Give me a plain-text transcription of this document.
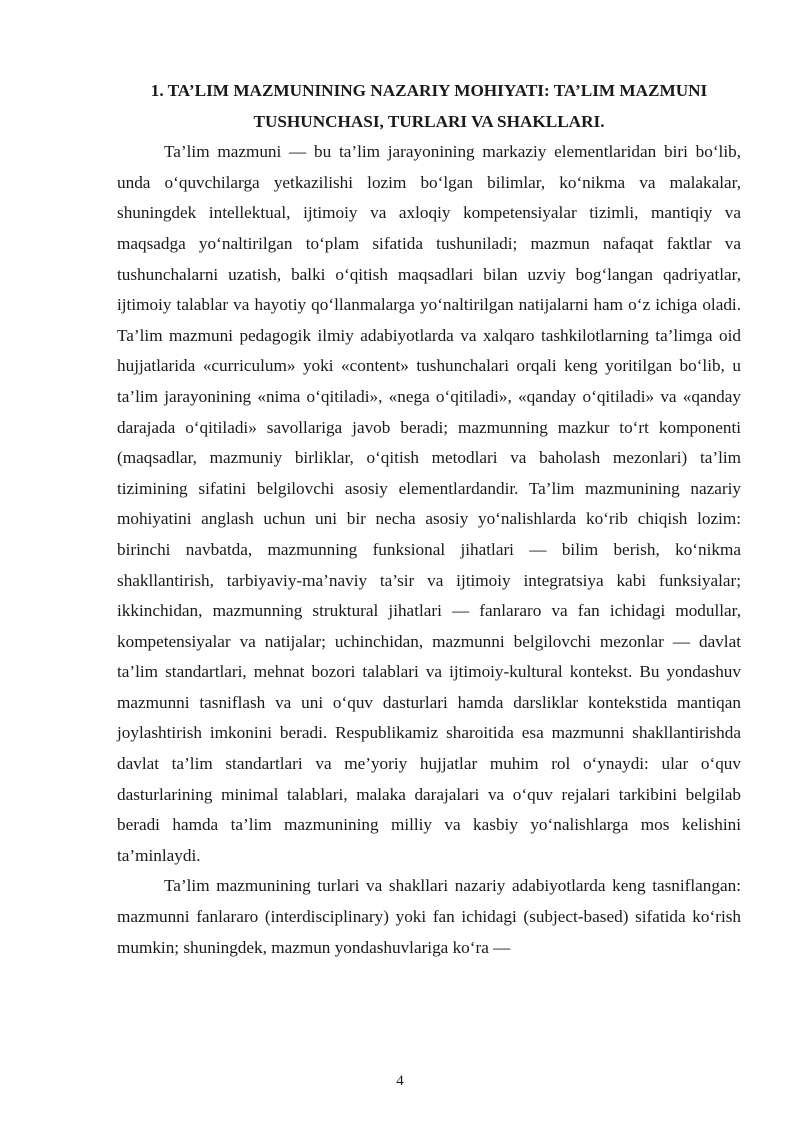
1. TA’LIM MAZMUNINING NAZARIY MOHIYATI: TA’LIM MAZMUNI TUSHUNCHASI, TURLARI VA SHAKLLARI.

Ta’lim mazmuni — bu ta’lim jarayonining markaziy elementlaridan biri bo‘lib, unda o‘quvchilarga yetkazilishi lozim bo‘lgan bilimlar, ko‘nikma va malakalar, shuningdek intellektual, ijtimoiy va axloqiy kompetensiyalar tizimli, mantiqiy va maqsadga yo‘naltirilgan to‘plam sifatida tushuniladi; mazmun nafaqat faktlar va tushunchalarni uzatish, balki o‘qitish maqsadlari bilan uzviy bog‘langan qadriyatlar, ijtimoiy talablar va hayotiy qo‘llanmalarga yo‘naltirilgan natijalarni ham o‘z ichiga oladi. Ta’lim mazmuni pedagogik ilmiy adabiyotlarda va xalqaro tashkilotlarning ta’limga oid hujjatlarida «curriculum» yoki «content» tushunchalari orqali keng yoritilgan bo‘lib, u ta’lim jarayonining «nima o‘qitiladi», «nega o‘qitiladi», «qanday o‘qitiladi» va «qanday darajada o‘qitiladi» savollariga javob beradi; mazmunning mazkur to‘rt komponenti (maqsadlar, mazmuniy birliklar, o‘qitish metodlari va baholash mezonlari) ta’lim tizimining sifatini belgilovchi asosiy elementlardandir. Ta’lim mazmunining nazariy mohiyatini anglash uchun uni bir necha asosiy yo‘nalishlarda ko‘rib chiqish lozim: birinchi navbatda, mazmunning funksional jihatlari — bilim berish, ko‘nikma shakllantirish, tarbiyaviy-ma’naviy ta’sir va ijtimoiy integratsiya kabi funksiyalar; ikkinchidan, mazmunning struktural jihatlari — fanlararo va fan ichidagi modullar, kompetensiyalar va natijalar; uchinchidan, mazmunni belgilovchi mezonlar — davlat ta’lim standartlari, mehnat bozori talablari va ijtimoiy-kultural kontekst. Bu yondashuv mazmunni tasniflash va uni o‘quv dasturlari hamda darsliklar kontekstida mantiqan joylashtirish imkonini beradi. Respublikamiz sharoitida esa mazmunni shakllantirishda davlat ta’lim standartlari va me’yoriy hujjatlar muhim rol o‘ynaydi: ular o‘quv dasturlarining minimal talablari, malaka darajalari va o‘quv rejalari tarkibini belgilab beradi hamda ta’lim mazmunining milliy va kasbiy yo‘nalishlarga mos kelishini ta’minlaydi.

Ta’lim mazmunining turlari va shakllari nazariy adabiyotlarda keng tasniflangan: mazmunni fanlararo (interdisciplinary) yoki fan ichidagi (subject-based) sifatida ko‘rish mumkin; shuningdek, mazmun yondashuvlariga ko‘ra —

4
